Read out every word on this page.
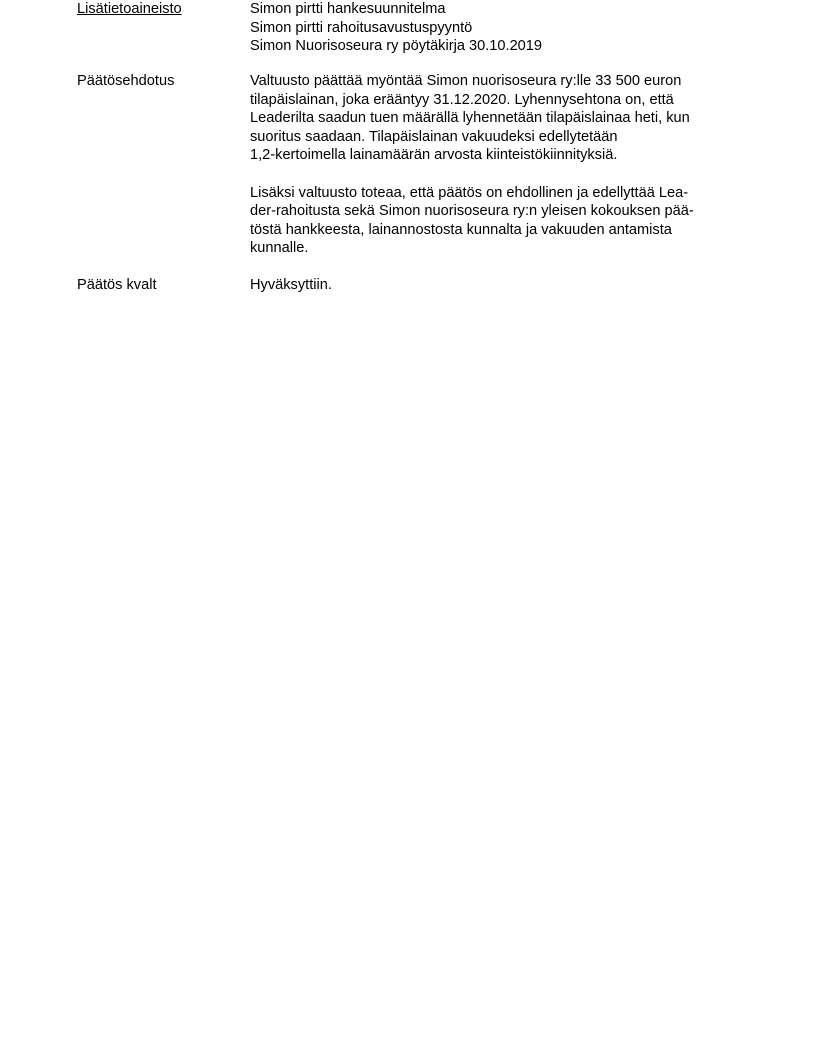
Lisätietoaineisto	Simon pirtti hankesuunnitelma
Simon pirtti rahoitusavustuspyyntö
Simon Nuorisoseura ry pöytäkirja 30.10.2019
Päätösehdotus	Valtuusto päättää myöntää Simon nuorisoseura ry:lle 33 500 euron
tilapäislainan, joka erääntyy 31.12.2020. Lyhennysehtona on, että
Leaderilta saadun tuen määrällä lyhennetään tilapäislainaa heti, kun
suoritus saadaan. Tilapäislainan vakuudeksi edellytetään
1,2-kertoimella lainamäärän arvosta kiinteistökiinnityksiä.
Lisäksi valtuusto toteaa, että päätös on ehdollinen ja edellyttää Lea-
der-rahoitusta sekä Simon nuorisoseura ry:n yleisen kokouksen pää-
töstä hankkeesta, lainannostosta kunnalta ja vakuuden antamista
kunnalle.
Päätös kvalt	Hyväksyttiin.
